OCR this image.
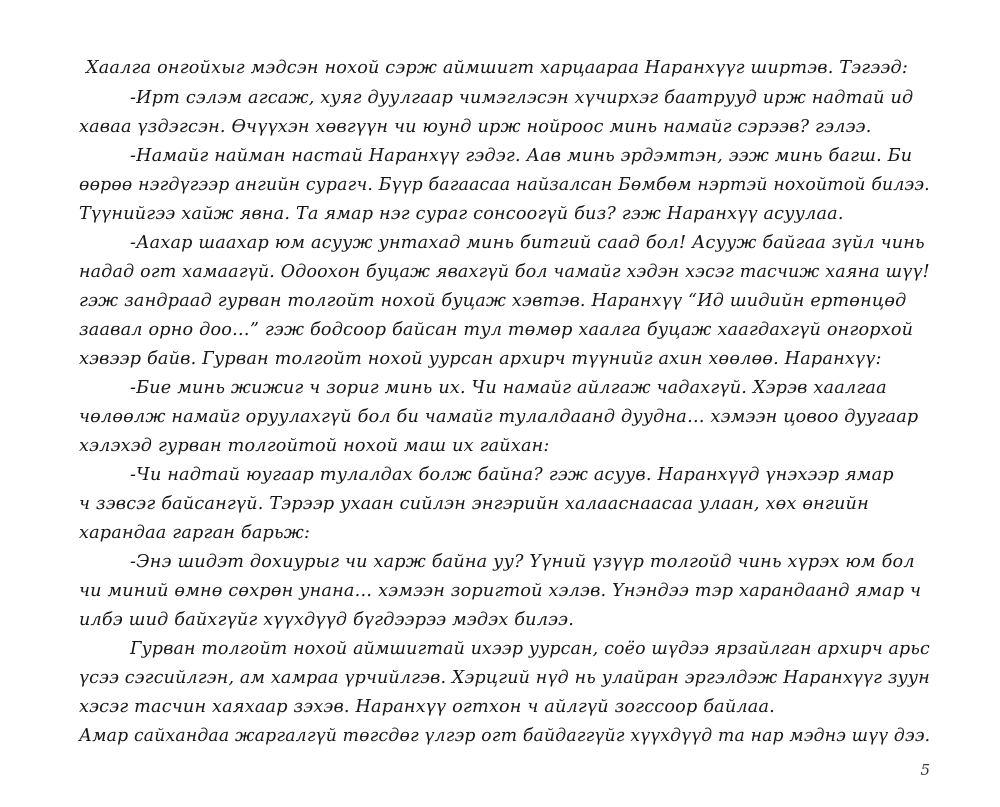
Хаалга онгойхыг мэдсэн нохой сэрж аймшигт харцаараа Наранхүүг ширтэв. Тэгээд:
-Ирт сэлэм агсаж, хуяг дуулгаар чимэглэсэн хүчирхэг баатрууд ирж надтай ид
хаваа үздэгсэн. Өчүүхэн хөвгүүн чи юунд ирж нойроос минь намайг сэрээв? гэлээ.
-Намайг найман настай Наранхүү гэдэг. Аав минь эрдэмтэн, ээж минь багш. Би
өөрөө нэгдүгээр ангийн сурагч. Бүүр багаасаа найзалсан Бөмбөм нэртэй нохойтой билээ.
Түүнийгээ хайж явна. Та ямар нэг сураг сонсоогүй биз? гэж Наранхүү асуулаа.
-Аахар шаахар юм асууж унтахад минь битгий саад бол! Асууж байгаа зүйл чинь
надад огт хамаагүй. Одоохон буцаж явахгүй бол чамайг хэдэн хэсэг тасчиж хаяна шүү!
гэж зандраад гурван толгойт нохой буцаж хэвтэв. Наранхүү “Ид шидийн ертөнцөд
заавал орно доо…” гэж бодсоор байсан тул төмөр хаалга буцаж хаагдахгүй онгорхой
хэвээр байв. Гурван толгойт нохой уурсан архирч түүнийг ахин хөөлөө. Наранхүү:
-Бие минь жижиг ч зориг минь их. Чи намайг айлгаж чадахгүй. Хэрэв хаалгаа
чөлөөлж намайг оруулахгүй бол би чамайг тулалдаанд дуудна… хэмээн цовоо дуугаар
хэлэхэд гурван толгойтой нохой маш их гайхан:
-Чи надтай юугаар тулалдах болж байна? гэж асуув. Наранхүүд үнэхээр ямар
ч зэвсэг байсангүй. Тэрээр ухаан сийлэн энгэрийн халааснаасаа улаан, хөх өнгийн
харандаа гарган барьж:
-Энэ шидэт дохиурыг чи харж байна уу? Үүний үзүүр толгойд чинь хүрэх юм бол
чи миний өмнө сөхрөн унана… хэмээн зоригтой хэлэв. Үнэндээ тэр харандаанд ямар ч
илбэ шид байхгүйг хүүхдүүд бүгдээрээ мэдэх билээ.
Гурван толгойт нохой аймшигтай ихээр уурсан, соёо шүдээ ярзайлган архирч арьс
үсээ сэгсийлгэн, ам хамраа үрчийлгэв. Хэрцгий нүд нь улайран эргэлдэж Наранхүүг зуун
хэсэг тасчин хаяхаар зэхэв. Наранхүү огтхон ч айлгүй зогссоор байлаа.
Амар сайхандаа жаргалгүй төгсдөг үлгэр огт байдаггүйг хүүхдүүд та нар мэднэ шүү дээ.
5
